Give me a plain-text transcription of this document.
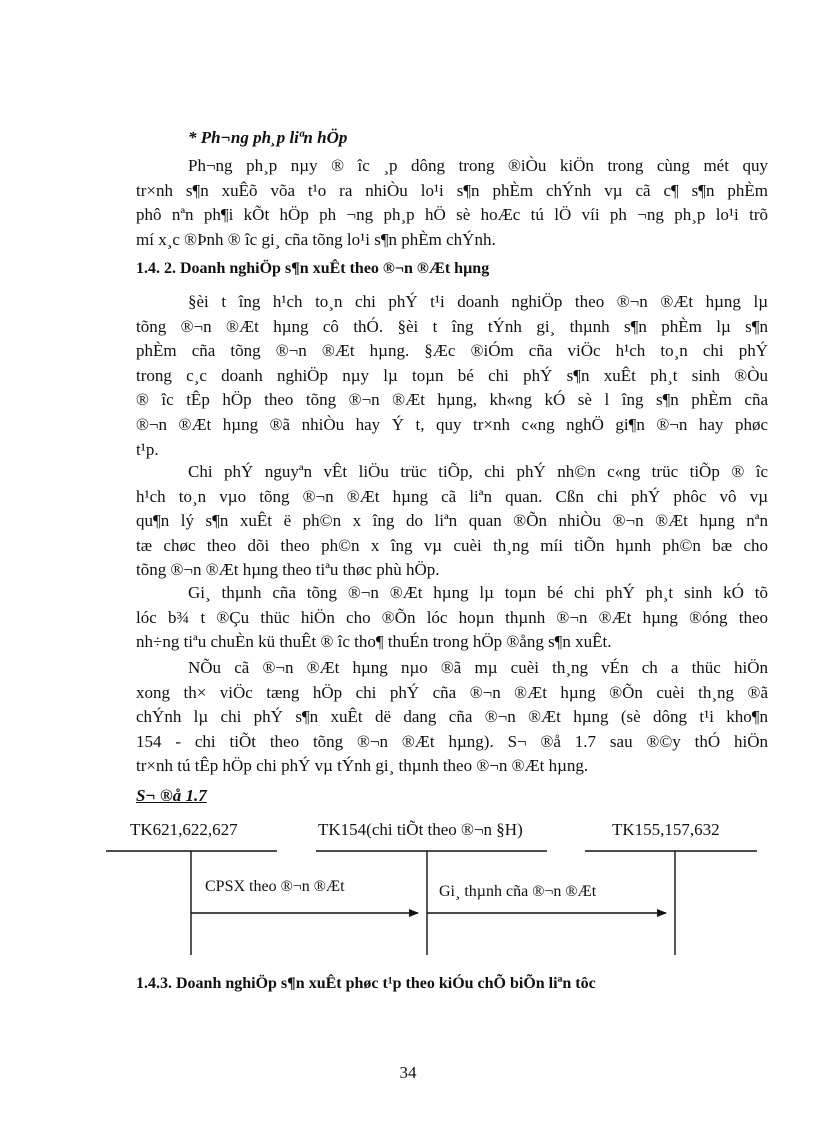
* Ph¬ng ph¸p liªn hÖp
Ph¬ng ph¸p nµy ® îc ¸p dông trong ®iÒu kiÖn trong cùng mét quy
tr×nh s¶n xuÊõ võa t¹o ra nhiÒu lo¹i s¶n phÈm chÝnh vµ cã c¶ s¶n phÈm
phô nªn ph¶i kÕt hÖp ph ¬ng ph¸p hÖ sè hoÆc tú lÖ víi ph ¬ng ph¸p lo¹i trõ
mí x¸c ®Þnh ® îc gi¸ cña tõng lo¹i s¶n phÈm chÝnh.
1.4. 2. Doanh nghiÖp s¶n xuÊt theo ®¬n ®Æt hµng
§èi t îng h¹ch to¸n chi phÝ t¹i doanh nghiÖp theo ®¬n ®Æt hµng lµ
tõng ®¬n ®Æt hµng cô thÓ. §èi t îng tÝnh gi¸ thµnh s¶n phÈm lµ s¶n
phÈm cña tõng ®¬n ®Æt hµng. §Æc ®iÓm cña viÖc h¹ch to¸n chi phÝ
trong c¸c doanh nghiÖp nµy lµ toµn bé chi phÝ s¶n xuÊt ph¸t sinh ®Òu
® îc tÊp hÖp theo tõng ®¬n ®Æt hµng, kh«ng kÓ sè l îng s¶n phÈm cña
®¬n ®Æt hµng ®ã nhiÒu hay Ý t, quy tr×nh c«ng nghÖ gi¶n ®¬n hay phøc
t¹p.
Chi phÝ nguyªn vÊt liÖu trüc tiÕp, chi phÝ nh©n c«ng trüc tiÕp ® îc
h¹ch to¸n vµo tõng ®¬n ®Æt hµng cã liªn quan. Cßn chi phÝ phôc vô vµ
qu¶n lý s¶n xuÊt ë ph©n x îng do liªn quan ®Õn nhiÒu ®¬n ®Æt hµng nªn
tæ chøc theo dõi theo ph©n x îng vµ cuèi th¸ng míi tiÕn hµnh ph©n bæ cho
tõng ®¬n ®Æt hµng theo tiªu thøc phù hÖp.
Gi¸ thµnh cña tõng ®¬n ®Æt hµng lµ toµn bé chi phÝ ph¸t sinh kÓ tõ
lóc b¾ t ®Çu thüc hiÖn cho ®Õn lóc hoµn thµnh ®¬n ®Æt hµng ®óng theo
nh÷ng tiªu chuÈn kü thuÊt ® îc tho¶ thuÉn trong hÖp ®ång s¶n xuÊt.
NÕu cã ®¬n ®Æt hµng nµo ®ã mµ cuèi th¸ng vÉn ch a thüc hiÖn
xong th× viÖc tæng hÖp chi phÝ cña ®¬n ®Æt hµng ®Õn cuèi th¸ng ®ã
chÝnh lµ chi phÝ s¶n xuÊt dë dang cña ®¬n ®Æt hµng (sè dông t¹i kho¶n
154 - chi tiÕt theo tõng ®¬n ®Æt hµng). S¬ ®å 1.7 sau ®©y thÓ hiÖn
tr×nh tú tÊp hÖp chi phÝ vµ tÝnh gi¸ thµnh theo ®¬n ®Æt hµng.
S¬ ®å 1.7
TK621,622,627	TK154(chi tiÕt theo ®¬n §H)	TK155,157,632
CPSX theo ®¬n ®Æt	Gi¸ thµnh cña ®¬n ®Æt
1.4.3. Doanh nghiÖp s¶n xuÊt phøc t¹p theo kiÓu chÕ biÕn liªn tôc
34
